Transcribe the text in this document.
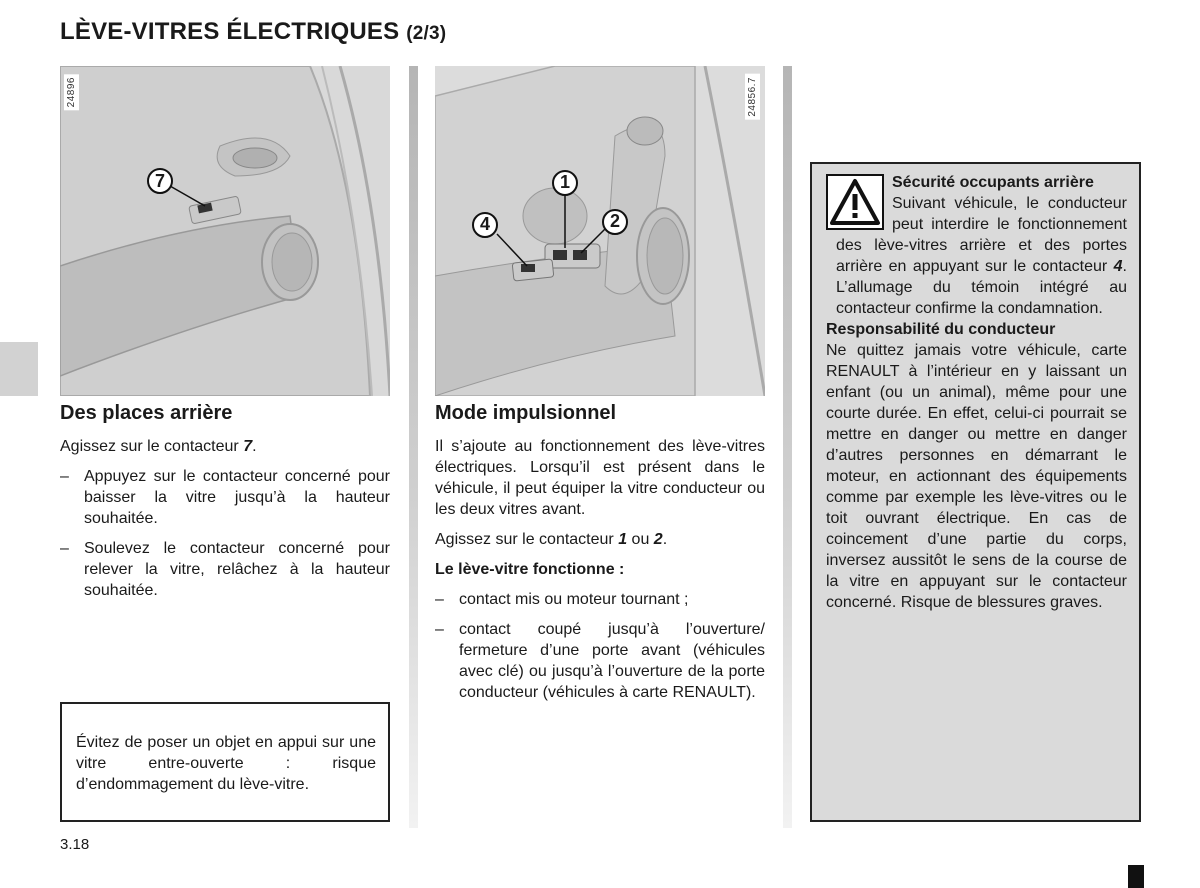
LÈVE-VITRES ÉLECTRIQUES (2/3)
7
24896
1
2
4
24856.7
Des places arrière

Agissez sur le contacteur 7.

– Appuyez sur le contacteur concerné pour baisser la vitre jusqu’à la hauteur souhaitée.
– Soulevez le contacteur concerné pour relever la vitre, relâchez à la hauteur souhaitée.
Évitez de poser un objet en appui sur une vitre entre-ouverte : risque d’endommagement du lève-vitre.
Mode impulsionnel

Il s’ajoute au fonctionnement des lève-vitres électriques. Lorsqu’il est présent dans le véhicule, il peut équiper la vitre conducteur ou les deux vitres avant.

Agissez sur le contacteur 1 ou 2.

Le lève-vitre fonctionne :

– contact mis ou moteur tournant ;
– contact coupé jusqu’à l’ouverture/ fermeture d’une porte avant (véhicules avec clé) ou jusqu’à l’ouverture de la porte conducteur (véhicules à carte RENAULT).
Sécurité occupants arrière
Suivant véhicule, le conducteur peut interdire le fonctionnement des lève-vitres arrière et des portes arrière en appuyant sur le contacteur 4. L’allumage du témoin intégré au contacteur confirme la condamnation.
Responsabilité du conducteur
Ne quittez jamais votre véhicule, carte RENAULT à l’intérieur en y laissant un enfant (ou un animal), même pour une courte durée. En effet, celui-ci pourrait se mettre en danger ou mettre en danger d’autres personnes en démarrant le moteur, en actionnant des équipements comme par exemple les lève-vitres ou le toit ouvrant électrique. En cas de coincement d’une partie du corps, inversez aussitôt le sens de la course de la vitre en appuyant sur le contacteur concerné. Risque de blessures graves.
3.18
